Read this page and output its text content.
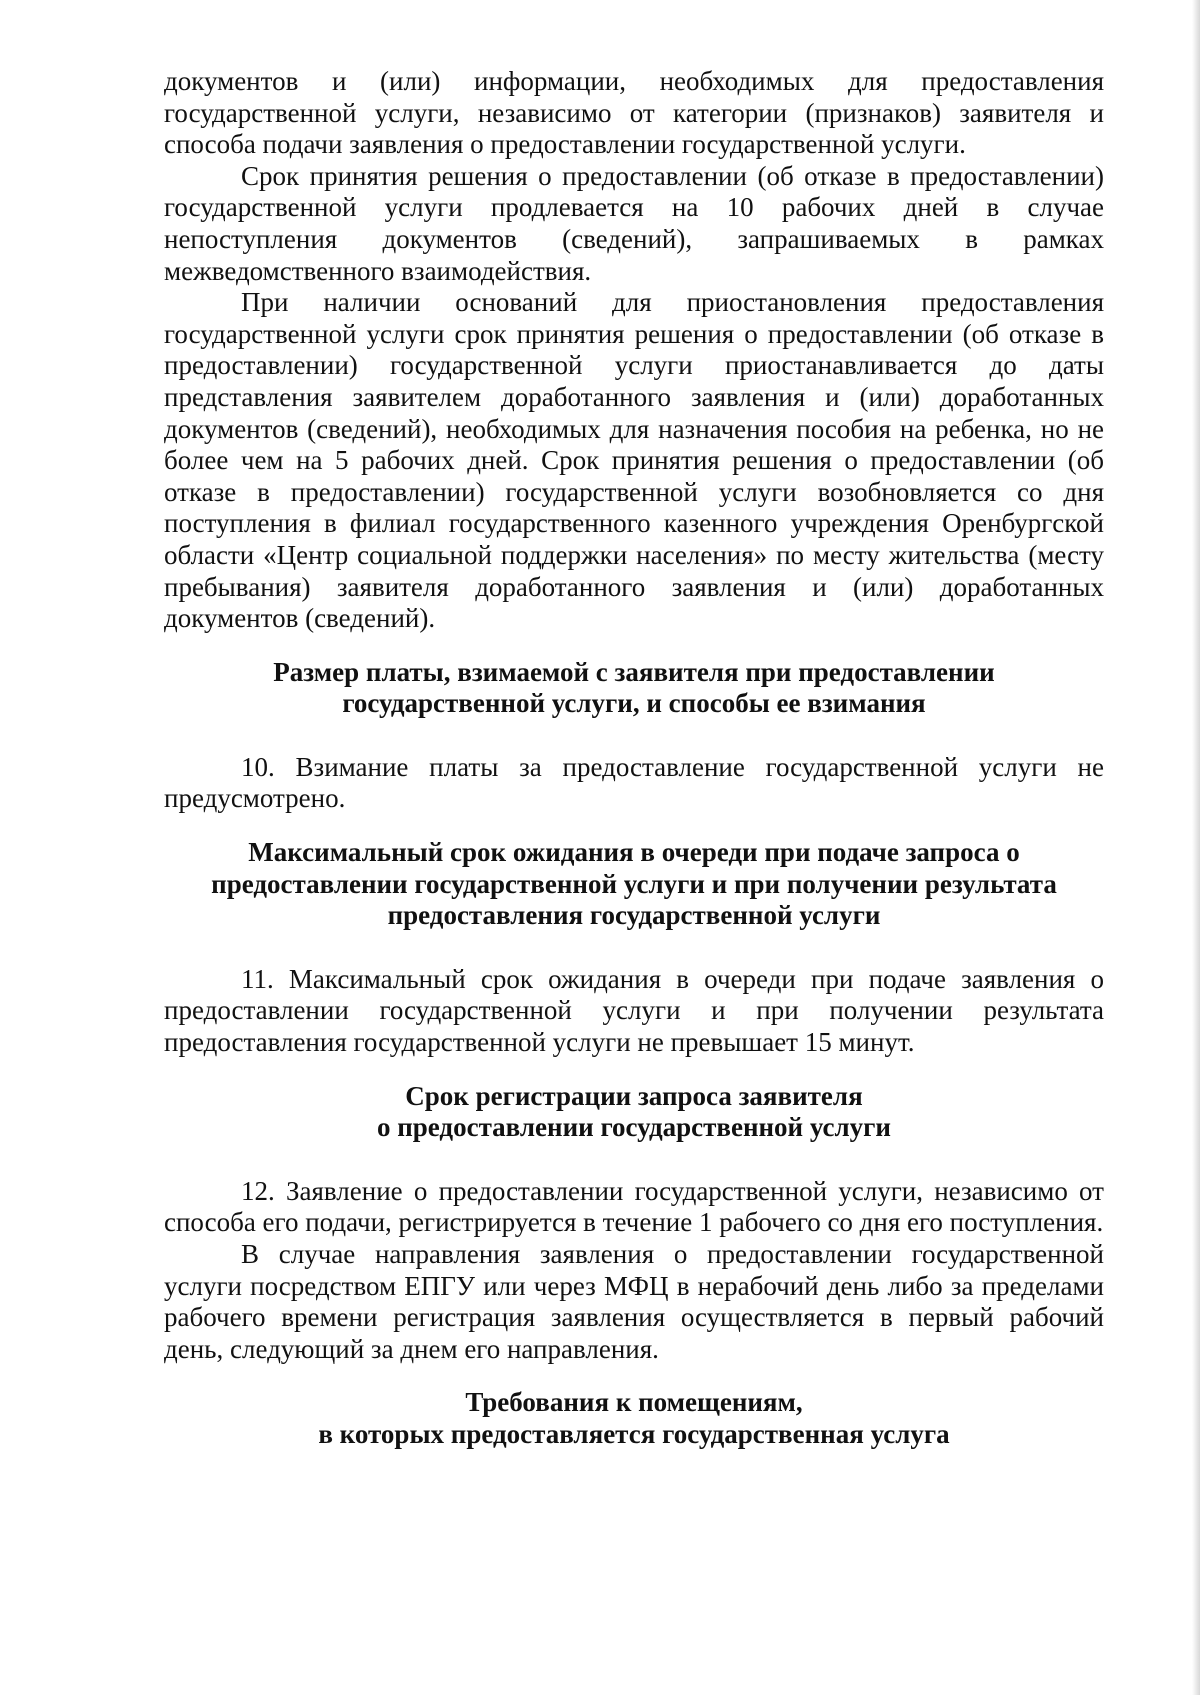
документов и (или) информации, необходимых для предоставления государственной услуги, независимо от категории (признаков) заявителя и способа подачи заявления о предоставлении государственной услуги.

Срок принятия решения о предоставлении (об отказе в предоставлении) государственной услуги продлевается на 10 рабочих дней в случае непоступления документов (сведений), запрашиваемых в рамках межведомственного взаимодействия.

При наличии оснований для приостановления предоставления государственной услуги срок принятия решения о предоставлении (об отказе в предоставлении) государственной услуги приостанавливается до даты представления заявителем доработанного заявления и (или) доработанных документов (сведений), необходимых для назначения пособия на ребенка, но не более чем на 5 рабочих дней. Срок принятия решения о предоставлении (об отказе в предоставлении) государственной услуги возобновляется со дня поступления в филиал государственного казенного учреждения Оренбургской области «Центр социальной поддержки населения» по месту жительства (месту пребывания) заявителя доработанного заявления и (или) доработанных документов (сведений).

Размер платы, взимаемой с заявителя при предоставлении
государственной услуги, и способы ее взимания

10. Взимание платы за предоставление государственной услуги не предусмотрено.

Максимальный срок ожидания в очереди при подаче запроса о
предоставлении государственной услуги и при получении результата
предоставления государственной услуги

11. Максимальный срок ожидания в очереди при подаче заявления о предоставлении государственной услуги и при получении результата предоставления государственной услуги не превышает 15 минут.

Срок регистрации запроса заявителя
о предоставлении государственной услуги

12. Заявление о предоставлении государственной услуги, независимо от способа его подачи, регистрируется в течение 1 рабочего со дня его поступления.

В случае направления заявления о предоставлении государственной услуги посредством ЕПГУ или через МФЦ в нерабочий день либо за пределами рабочего времени регистрация заявления осуществляется в первый рабочий день, следующий за днем его направления.

Требования к помещениям,
в которых предоставляется государственная услуга
